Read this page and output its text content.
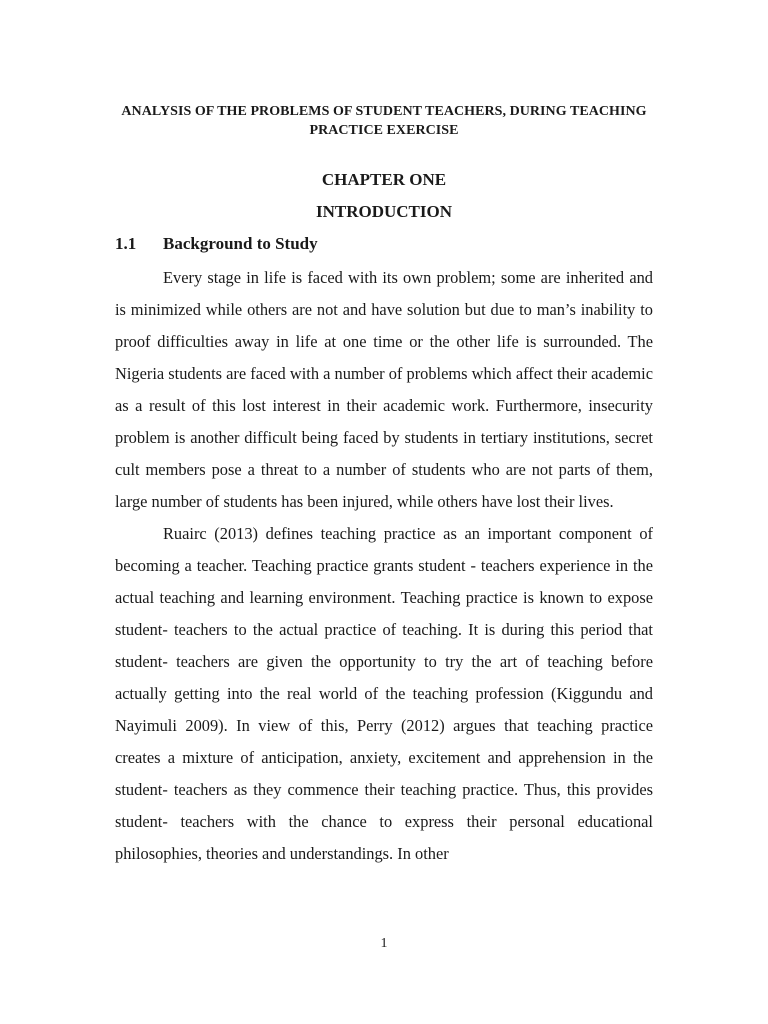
ANALYSIS OF THE PROBLEMS OF STUDENT TEACHERS, DURING TEACHING PRACTICE EXERCISE
CHAPTER ONE
INTRODUCTION
1.1 Background to Study

Every stage in life is faced with its own problem; some are inherited and is minimized while others are not and have solution but due to man’s inability to proof difficulties away in life at one time or the other life is surrounded. The Nigeria students are faced with a number of problems which affect their academic as a result of this lost interest in their academic work. Furthermore, insecurity problem is another difficult being faced by students in tertiary institutions, secret cult members pose a threat to a number of students who are not parts of them, large number of students has been injured, while others have lost their lives.

Ruairc (2013) defines teaching practice as an important component of becoming a teacher. Teaching practice grants student - teachers experience in the actual teaching and learning environment. Teaching practice is known to expose student- teachers to the actual practice of teaching. It is during this period that student- teachers are given the opportunity to try the art of teaching before actually getting into the real world of the teaching profession (Kiggundu and Nayimuli 2009). In view of this, Perry (2012) argues that teaching practice creates a mixture of anticipation, anxiety, excitement and apprehension in the student- teachers as they commence their teaching practice. Thus, this provides student- teachers with the chance to express their personal educational philosophies, theories and understandings. In other

1
